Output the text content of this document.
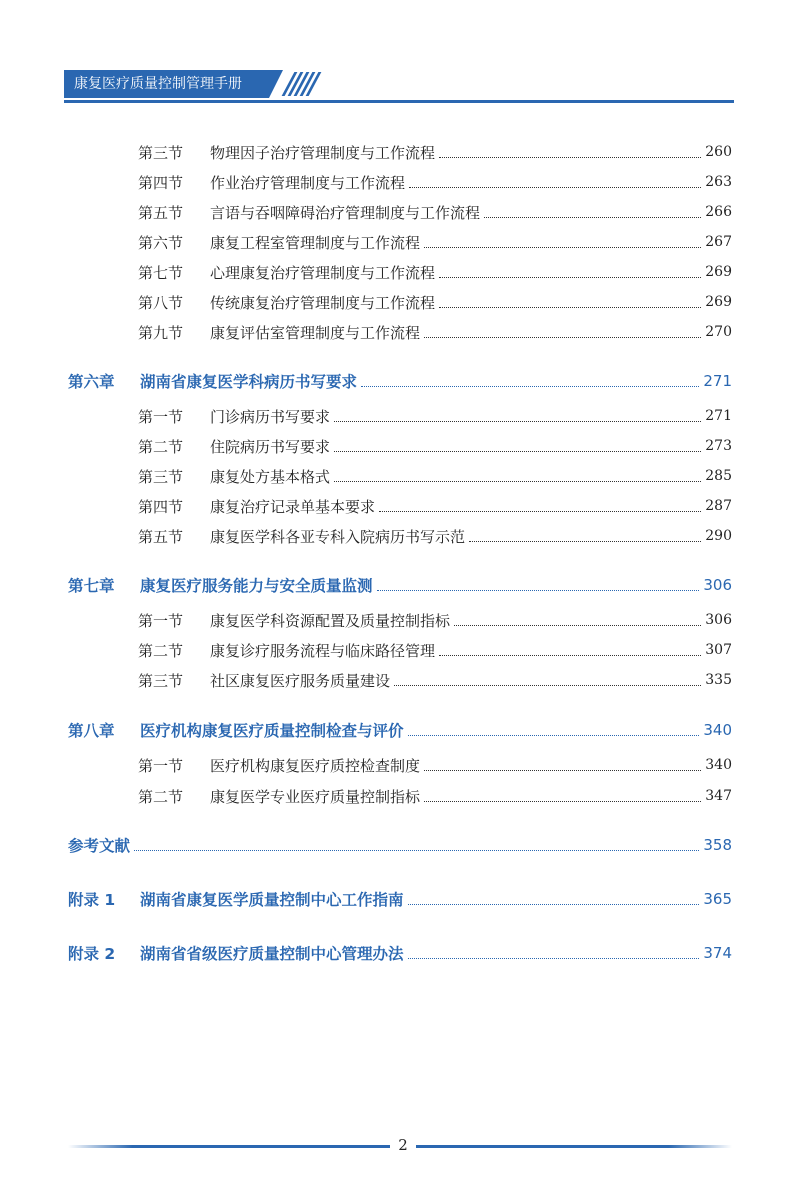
康复医疗质量控制管理手册
第三节	物理因子治疗管理制度与工作流程	260
第四节	作业治疗管理制度与工作流程	263
第五节	言语与吞咽障碍治疗管理制度与工作流程	266
第六节	康复工程室管理制度与工作流程	267
第七节	心理康复治疗管理制度与工作流程	269
第八节	传统康复治疗管理制度与工作流程	269
第九节	康复评估室管理制度与工作流程	270
第六章	湖南省康复医学科病历书写要求	271
第一节	门诊病历书写要求	271
第二节	住院病历书写要求	273
第三节	康复处方基本格式	285
第四节	康复治疗记录单基本要求	287
第五节	康复医学科各亚专科入院病历书写示范	290
第七章	康复医疗服务能力与安全质量监测	306
第一节	康复医学科资源配置及质量控制指标	306
第二节	康复诊疗服务流程与临床路径管理	307
第三节	社区康复医疗服务质量建设	335
第八章	医疗机构康复医疗质量控制检查与评价	340
第一节	医疗机构康复医疗质控检查制度	340
第二节	康复医学专业医疗质量控制指标	347
参考文献	358
附录 1	湖南省康复医学质量控制中心工作指南	365
附录 2	湖南省省级医疗质量控制中心管理办法	374
2
